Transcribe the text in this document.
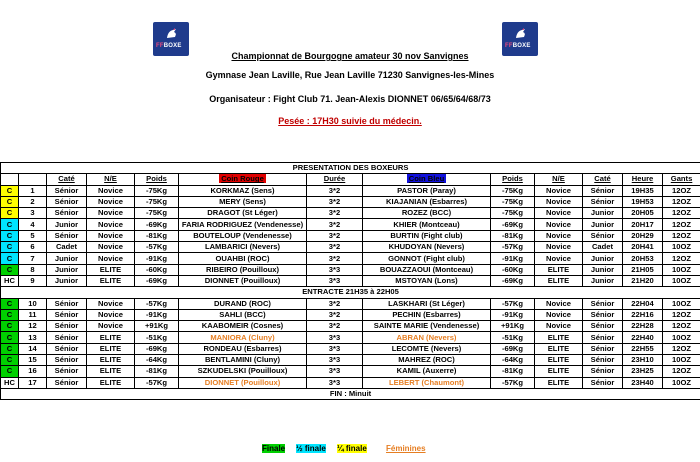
FFBOXE	FFBOXE
Championnat de Bourgogne amateur 30 nov Sanvignes
Gymnase Jean Laville, Rue Jean Laville 71230 Sanvignes-les-Mines
Organisateur : Fight Club 71. Jean-Alexis DIONNET 06/65/64/68/73
Pesée : 17H30 suivie du médecin.
PRESENTATION DES BOXEURS												
		Caté	N/E	Poids	Coin Rouge	Durée	Coin Bleu	Poids	N/E	Caté	Heure	Gants
C	1	Sénior	Novice	-75Kg	KORKMAZ (Sens)	3*2	PASTOR (Paray)	-75Kg	Novice	Sénior	19H35	12OZ
C	2	Sénior	Novice	-75Kg	MERY (Sens)	3*2	KIAJANIAN (Esbarres)	-75Kg	Novice	Sénior	19H53	12OZ
C	3	Sénior	Novice	-75Kg	DRAGOT (St Léger)	3*2	ROZEZ (BCC)	-75Kg	Novice	Junior	20H05	12OZ
C	4	Junior	Novice	-69Kg	FARIA RODRIGUEZ (Vendenesse)	3*2	KHIER (Montceau)	-69Kg	Novice	Junior	20H17	12OZ
C	5	Sénior	Novice	-81Kg	BOUTELOUP (Vendenesse)	3*2	BURTIN (Fight club)	-81Kg	Novice	Sénior	20H29	12OZ
C	6	Cadet	Novice	-57Kg	LAMBARICI (Nevers)	3*2	KHUDOYAN (Nevers)	-57Kg	Novice	Cadet	20H41	10OZ
C	7	Junior	Novice	-91Kg	OUAHBI (ROC)	3*2	GONNOT (Fight club)	-91Kg	Novice	Junior	20H53	12OZ
C	8	Junior	ELITE	-60Kg	RIBEIRO (Pouilloux)	3*3	BOUAZZAOUI (Montceau)	-60Kg	ELITE	Junior	21H05	10OZ
HC	9	Junior	ELITE	-69Kg	DIONNET (Pouilloux)	3*3	MSTOYAN (Lons)	-69Kg	ELITE	Junior	21H20	10OZ
ENTRACTE 21H35 à 22H05												
C	10	Sénior	Novice	-57Kg	DURAND (ROC)	3*2	LASKHARI (St Léger)	-57Kg	Novice	Sénior	22H04	10OZ
C	11	Sénior	Novice	-91Kg	SAHLI (BCC)	3*2	PECHIN (Esbarres)	-91Kg	Novice	Sénior	22H16	12OZ
C	12	Sénior	Novice	+91Kg	KAABOMEIR (Cosnes)	3*2	SAINTE MARIE (Vendenesse)	+91Kg	Novice	Sénior	22H28	12OZ
C	13	Sénior	ELITE	-51Kg	MANIORA (Cluny)	3*3	ABRAN (Nevers)	-51Kg	ELITE	Sénior	22H40	10OZ
C	14	Sénior	ELITE	-69Kg	RONDEAU (Esbarres)	3*3	LECOMTE (Nevers)	-69Kg	ELITE	Sénior	22H55	12OZ
C	15	Sénior	ELITE	-64Kg	BENTLAMINI (Cluny)	3*3	MAHREZ (ROC)	-64Kg	ELITE	Sénior	23H10	10OZ
C	16	Sénior	ELITE	-81Kg	SZKUDELSKI (Pouilloux)	3*3	KAMIL (Auxerre)	-81Kg	ELITE	Sénior	23H25	12OZ
HC	17	Sénior	ELITE	-57Kg	DIONNET (Pouilloux)	3*3	LEBERT (Chaumont)	-57Kg	ELITE	Sénior	23H40	10OZ
FIN : Minuit												
Finale ½ finale ¼ finale Féminines
